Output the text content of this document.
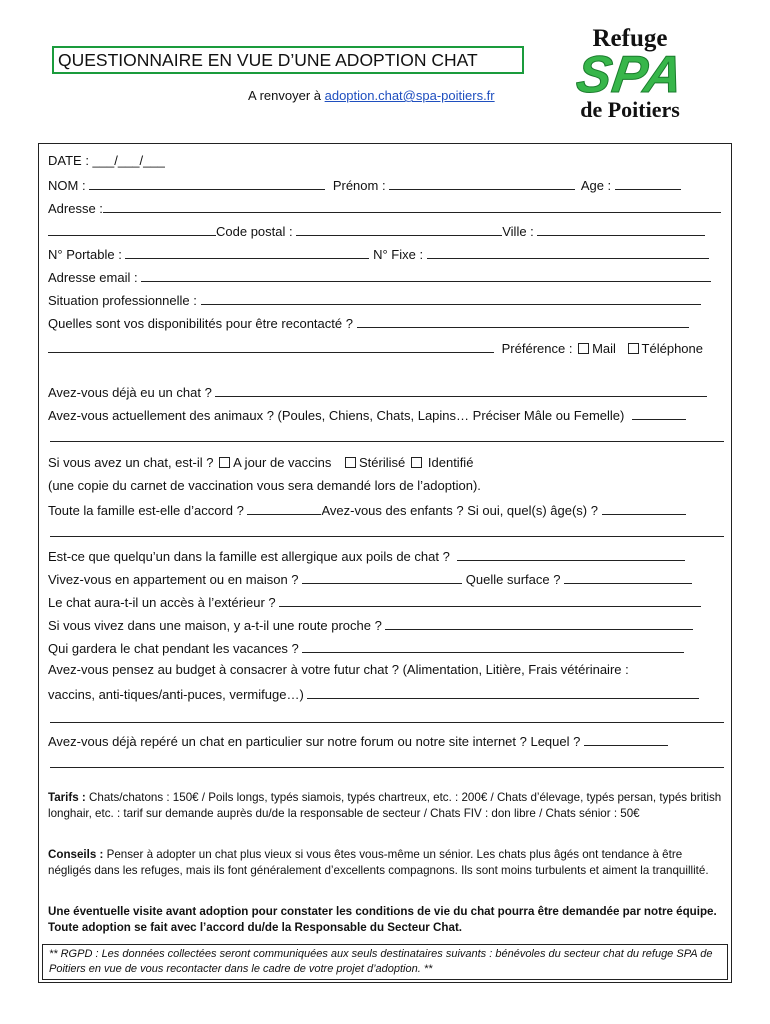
QUESTIONNAIRE EN VUE D’UNE ADOPTION CHAT
A renvoyer à adoption.chat@spa-poitiers.fr
Refuge
SPA
de Poitiers
DATE : ___/___/___
NOM :	Prénom :	Age :
Adresse :
Code postal :	Ville :
N° Portable :	N° Fixe :
Adresse email :
Situation professionnelle :
Quelles sont vos disponibilités pour être recontacté ?
Préférence : Mail Téléphone
Avez-vous déjà eu un chat ?
Avez-vous actuellement des animaux ? (Poules, Chiens, Chats, Lapins… Préciser Mâle ou Femelle)
Si vous avez un chat, est-il ? A jour de vaccins Stérilisé Identifié
(une copie du carnet de vaccination vous sera demandé lors de l’adoption).
Toute la famille est-elle d’accord ?	Avez-vous des enfants ? Si oui, quel(s) âge(s) ?
Est-ce que quelqu’un dans la famille est allergique aux poils de chat ?
Vivez-vous en appartement ou en maison ?	Quelle surface ?
Le chat aura-t-il un accès à l’extérieur ?
Si vous vivez dans une maison, y a-t-il une route proche ?
Qui gardera le chat pendant les vacances ?
Avez-vous pensez au budget à consacrer à votre futur chat ? (Alimentation, Litière, Frais vétérinaire :
vaccins, anti-tiques/anti-puces, vermifuge…)
Avez-vous déjà repéré un chat en particulier sur notre forum ou notre site internet ? Lequel ?
Tarifs : Chats/chatons : 150€ / Poils longs, typés siamois, typés chartreux, etc. : 200€ / Chats d’élevage, typés persan, typés british longhair, etc. : tarif sur demande auprès du/de la responsable de secteur / Chats FIV : don libre / Chats sénior : 50€
Conseils : Penser à adopter un chat plus vieux si vous êtes vous-même un sénior. Les chats plus âgés ont tendance à être négligés dans les refuges, mais ils font généralement d’excellents compagnons. Ils sont moins turbulents et aiment la tranquillité.
Une éventuelle visite avant adoption pour constater les conditions de vie du chat pourra être demandée par notre équipe. Toute adoption se fait avec l’accord du/de la Responsable du Secteur Chat.
** RGPD : Les données collectées seront communiquées aux seuls destinataires suivants : bénévoles du secteur chat du refuge SPA de Poitiers en vue de vous recontacter dans le cadre de votre projet d’adoption. **
